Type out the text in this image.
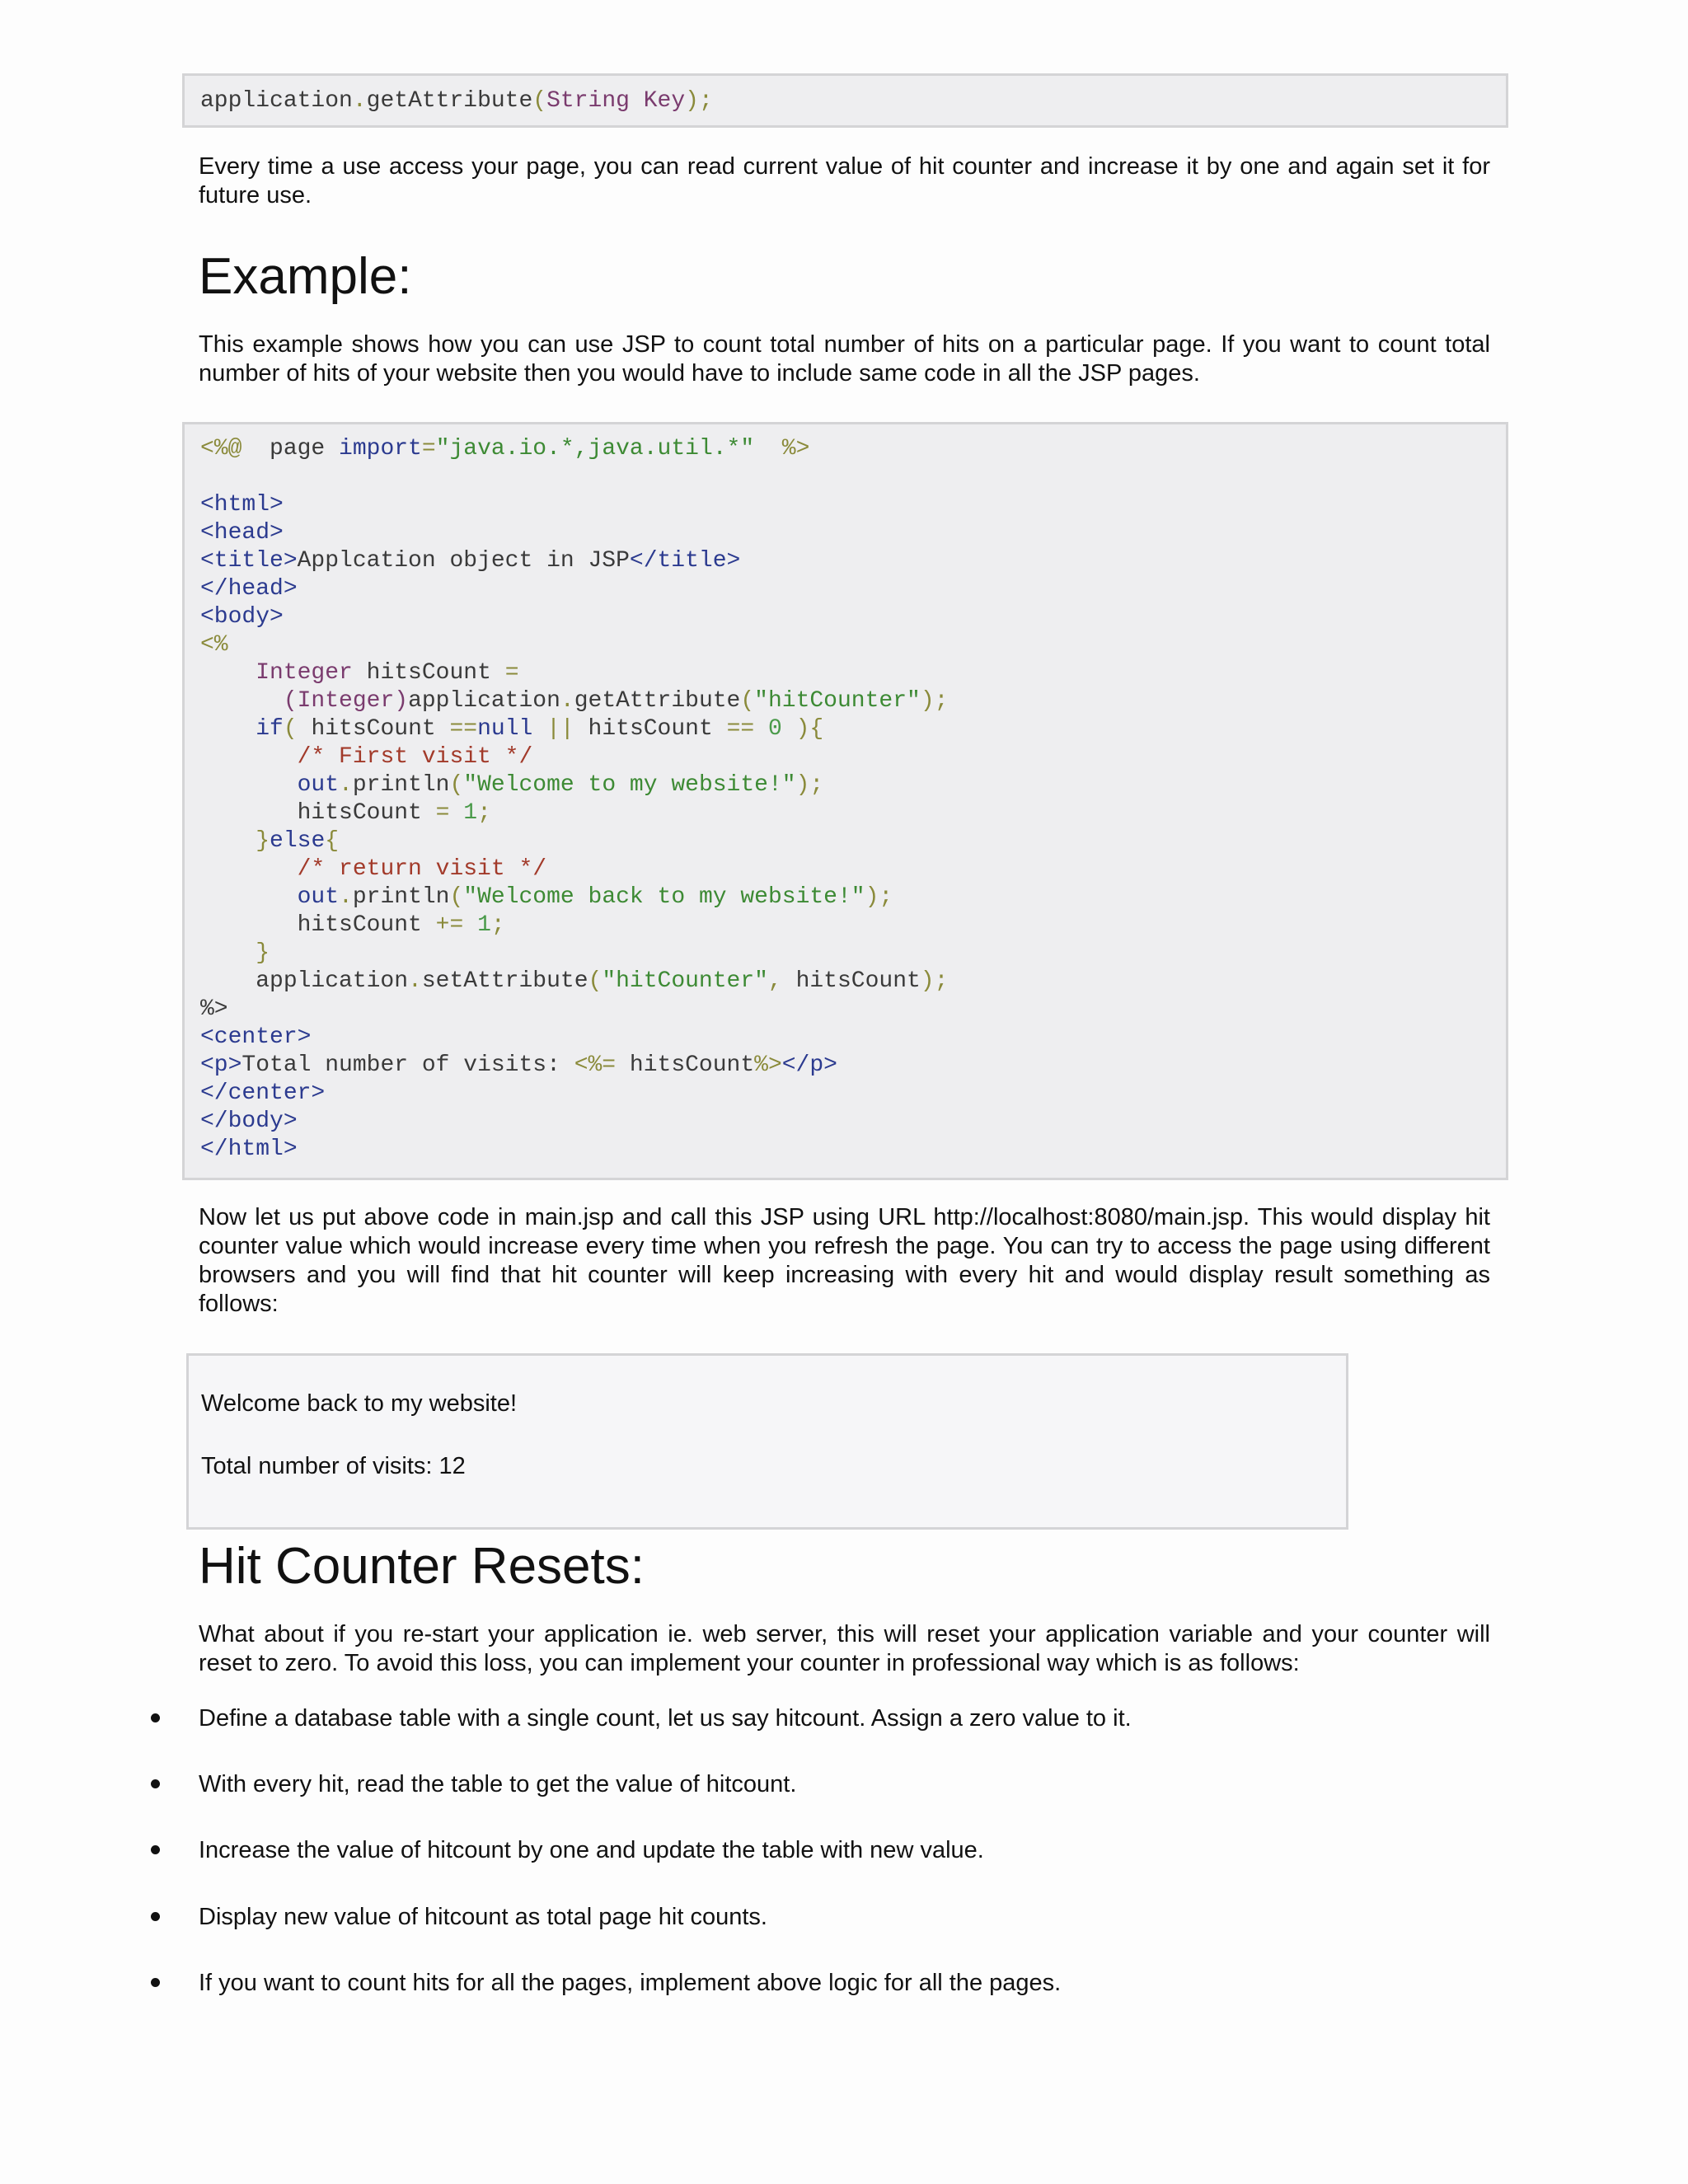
application.getAttribute(String Key);

Every time a use access your page, you can read current value of hit counter and increase it by one and again set it for future use.

Example:

This example shows how you can use JSP to count total number of hits on a particular page. If you want to count total number of hits of your website then you would have to include same code in all the JSP pages.

<%@  page import="java.io.*,java.util.*" %>
<html>
<head>
<title>Applcation object in JSP</title>
</head>
<body>
<%
Integer hitsCount =
(Integer)application.getAttribute("hitCounter");
if( hitsCount ==null || hitsCount == 0 ){
/* First visit */
out.println("Welcome to my website!");
hitsCount = 1;
}else{
/* return visit */
out.println("Welcome back to my website!");
hitsCount += 1;
}
application.setAttribute("hitCounter", hitsCount);
%>
<center>
<p>Total number of visits: <%= hitsCount%></p>
</center>
</body>
</html>

Now let us put above code in main.jsp and call this JSP using URL http://localhost:8080/main.jsp. This would display hit counter value which would increase every time when you refresh the page. You can try to access the page using different browsers and you will find that hit counter will keep increasing with every hit and would display result something as follows:

Welcome back to my website!

Total number of visits: 12

Hit Counter Resets:

What about if you re-start your application ie. web server, this will reset your application variable and your counter will reset to zero. To avoid this loss, you can implement your counter in professional way which is as follows:

Define a database table with a single count, let us say hitcount. Assign a zero value to it.
With every hit, read the table to get the value of hitcount.
Increase the value of hitcount by one and update the table with new value.
Display new value of hitcount as total page hit counts.
If you want to count hits for all the pages, implement above logic for all the pages.
